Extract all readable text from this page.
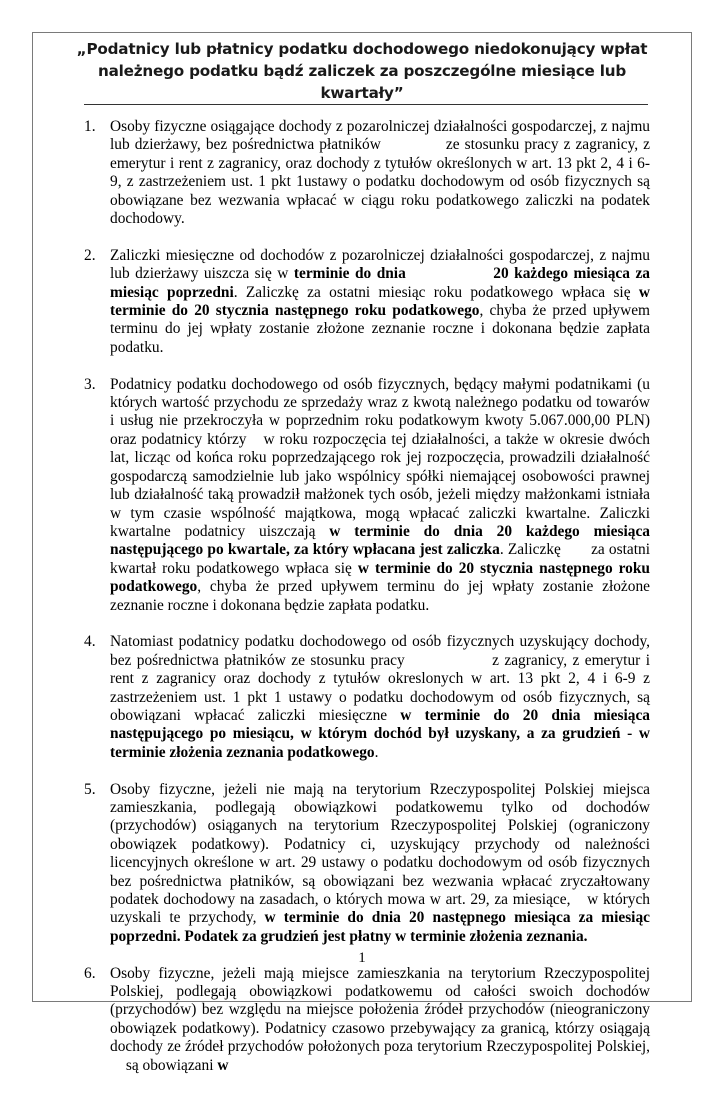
„Podatnicy lub płatnicy podatku dochodowego niedokonujący wpłat należnego podatku bądź zaliczek za poszczególne miesiące lub kwartały”
1. Osoby fizyczne osiągające dochody z pozarolniczej działalności gospodarczej, z najmu lub dzierżawy, bez pośrednictwa płatników	ze stosunku pracy z zagranicy, z emerytur i rent z zagranicy, oraz dochody z tytułów określonych w art. 13 pkt 2, 4 i 6-9, z zastrzeżeniem ust. 1 pkt 1ustawy o podatku dochodowym od osób fizycznych są obowiązane bez wezwania wpłacać w ciągu roku podatkowego zaliczki na podatek dochodowy.
2. Zaliczki miesięczne od dochodów z pozarolniczej działalności gospodarczej, z najmu lub dzierżawy uiszcza się w terminie do dnia	20 każdego miesiąca za miesiąc poprzedni. Zaliczkę za ostatni miesiąc roku podatkowego wpłaca się w terminie do 20 stycznia następnego roku podatkowego, chyba że przed upływem terminu do jej wpłaty zostanie złożone zeznanie roczne i dokonana będzie zapłata podatku.
3. Podatnicy podatku dochodowego od osób fizycznych, będący małymi podatnikami (u których wartość przychodu ze sprzedaży wraz z kwotą należnego podatku od towarów i usług nie przekroczyła w poprzednim roku podatkowym kwoty 5.067.000,00 PLN) oraz podatnicy którzy w roku rozpoczęcia tej działalności, a także w okresie dwóch lat, licząc od końca roku poprzedzającego rok jej rozpoczęcia, prowadzili działalność gospodarczą samodzielnie lub jako wspólnicy spółki niemającej osobowości prawnej lub działalność taką prowadził małżonek tych osób, jeżeli między małżonkami istniała w tym czasie wspólność majątkowa, mogą wpłacać zaliczki kwartalne. Zaliczki kwartalne podatnicy uiszczają w terminie do dnia 20 każdego miesiąca następującego po kwartale, za który wpłacana jest zaliczka. Zaliczkę za ostatni kwartał roku podatkowego wpłaca się w terminie do 20 stycznia następnego roku podatkowego, chyba że przed upływem terminu do jej wpłaty zostanie złożone zeznanie roczne i dokonana będzie zapłata podatku.
4. Natomiast podatnicy podatku dochodowego od osób fizycznych uzyskujący dochody, bez pośrednictwa płatników ze stosunku pracy	z zagranicy, z emerytur i rent z zagranicy oraz dochody z tytułów okreslonych w art. 13 pkt 2, 4 i 6-9 z zastrzeżeniem ust. 1 pkt 1 ustawy o podatku dochodowym od osób fizycznych, są obowiązani wpłacać zaliczki miesięczne w terminie do 20 dnia miesiąca następującego po miesiącu, w którym dochód był uzyskany, a za grudzień - w terminie złożenia zeznania podatkowego.
5. Osoby fizyczne, jeżeli nie mają na terytorium Rzeczypospolitej Polskiej miejsca zamieszkania, podlegają obowiązkowi podatkowemu tylko od dochodów (przychodów) osiąganych na terytorium Rzeczypospolitej Polskiej (ograniczony obowiązek podatkowy). Podatnicy ci, uzyskujący przychody od należności licencyjnych określone w art. 29 ustawy o podatku dochodowym od osób fizycznych bez pośrednictwa płatników, są obowiązani bez wezwania wpłacać zryczałtowany podatek dochodowy na zasadach, o których mowa w art. 29, za miesiące, w których uzyskali te przychody, w terminie do dnia 20 następnego miesiąca za miesiąc poprzedni. Podatek za grudzień jest płatny w terminie złożenia zeznania.
6. Osoby fizyczne, jeżeli mają miejsce zamieszkania na terytorium Rzeczypospolitej Polskiej, podlegają obowiązkowi podatkowemu od całości swoich dochodów (przychodów) bez względu na miejsce położenia źródeł przychodów (nieograniczony obowiązek podatkowy). Podatnicy czasowo przebywający za granicą, którzy osiągają dochody ze źródeł przychodów położonych poza terytorium Rzeczypospolitej Polskiej, są obowiązani w
1
